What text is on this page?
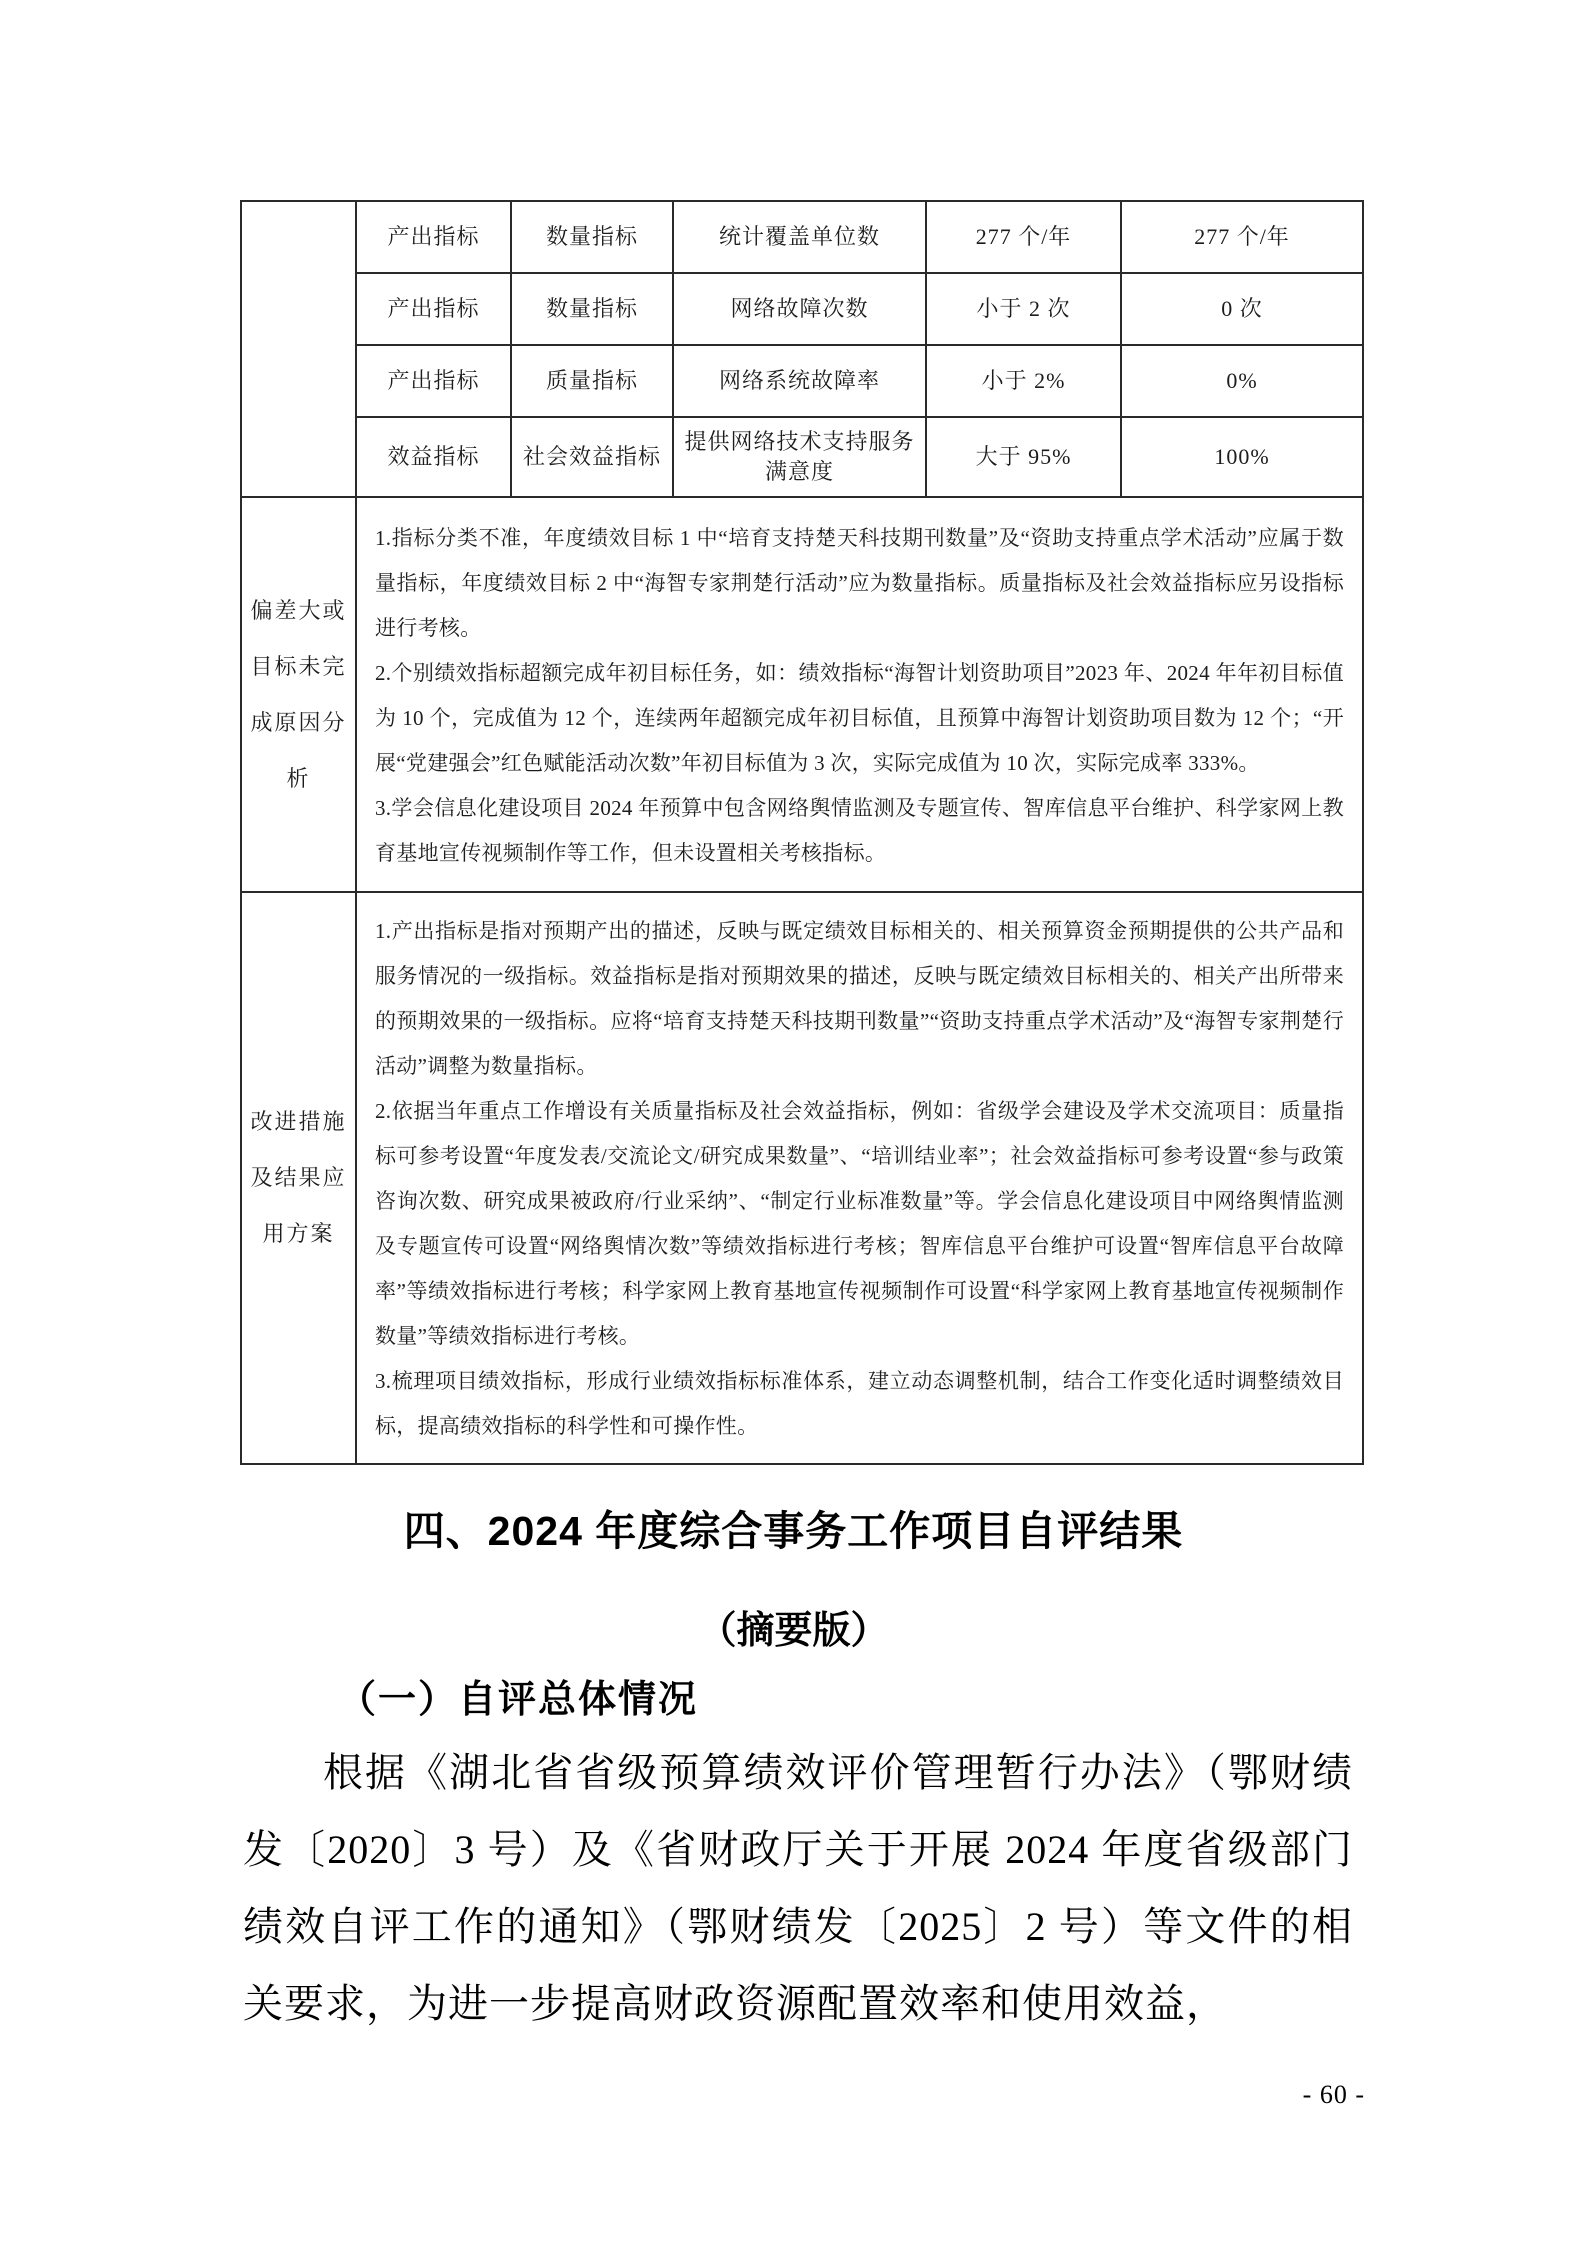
	产出指标	数量指标	统计覆盖单位数	277 个/年	277 个/年
	产出指标	数量指标	网络故障次数	小于 2 次	0 次
	产出指标	质量指标	网络系统故障率	小于 2%	0%
	效益指标	社会效益指标	提供网络技术支持服务满意度	大于 95%	100%
偏差大或目标未完成原因分析	1.指标分类不准，年度绩效目标 1 中“培育支持楚天科技期刊数量”及“资助支持重点学术活动”应属于数量指标，年度绩效目标 2 中“海智专家荆楚行活动”应为数量指标。质量指标及社会效益指标应另设指标进行考核。
2.个别绩效指标超额完成年初目标任务，如：绩效指标“海智计划资助项目”2023 年、2024 年年初目标值为 10 个，完成值为 12 个，连续两年超额完成年初目标值，且预算中海智计划资助项目数为 12 个；“开展“党建强会”红色赋能活动次数”年初目标值为 3 次，实际完成值为 10 次，实际完成率 333%。
3.学会信息化建设项目 2024 年预算中包含网络舆情监测及专题宣传、智库信息平台维护、科学家网上教育基地宣传视频制作等工作，但未设置相关考核指标。				

改进措施及结果应用方案	1.产出指标是指对预期产出的描述，反映与既定绩效目标相关的、相关预算资金预期提供的公共产品和服务情况的一级指标。效益指标是指对预期效果的描述，反映与既定绩效目标相关的、相关产出所带来的预期效果的一级指标。应将“培育支持楚天科技期刊数量”“资助支持重点学术活动”及“海智专家荆楚行活动”调整为数量指标。
2.依据当年重点工作增设有关质量指标及社会效益指标，例如：省级学会建设及学术交流项目：质量指标可参考设置“年度发表/交流论文/研究成果数量”、“培训结业率”；社会效益指标可参考设置“参与政策咨询次数、研究成果被政府/行业采纳”、“制定行业标准数量”等。学会信息化建设项目中网络舆情监测及专题宣传可设置“网络舆情次数”等绩效指标进行考核；智库信息平台维护可设置“智库信息平台故障率”等绩效指标进行考核；科学家网上教育基地宣传视频制作可设置“科学家网上教育基地宣传视频制作数量”等绩效指标进行考核。
3.梳理项目绩效指标，形成行业绩效指标标准体系，建立动态调整机制，结合工作变化适时调整绩效目标，提高绩效指标的科学性和可操作性。				
四、2024 年度综合事务工作项目自评结果
（摘要版）
（一）自评总体情况
根据《湖北省省级预算绩效评价管理暂行办法》（鄂财绩发〔2020〕3 号）及《省财政厅关于开展 2024 年度省级部门绩效自评工作的通知》（鄂财绩发〔2025〕2 号）等文件的相关要求，为进一步提高财政资源配置效率和使用效益，
- 60 -
